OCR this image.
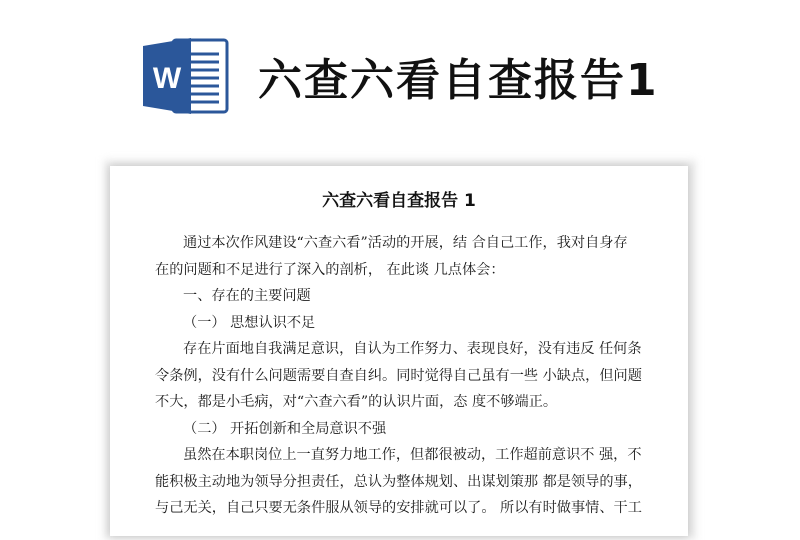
W 六查六看自查报告1
六查六看自查报告 1
通过本次作风建设“六查六看”活动的开展，结 合自己工作，我对自身存
在的问题和不足进行了深入的剖析， 在此谈 几点体会：
一、存在的主要问题
（一） 思想认识不足
存在片面地自我满足意识，自认为工作努力、表现良好，没有违反 任何条
令条例，没有什么问题需要自查自纠。同时觉得自己虽有一些 小缺点，但问题
不大，都是小毛病，对“六查六看”的认识片面，态 度不够端正。
（二） 开拓创新和全局意识不强
虽然在本职岗位上一直努力地工作，但都很被动，工作超前意识不 强，不
能积极主动地为领导分担责任，总认为整体规划、出谋划策那 都是领导的事，
与己无关，自己只要无条件服从领导的安排就可以了。 所以有时做事情、干工
